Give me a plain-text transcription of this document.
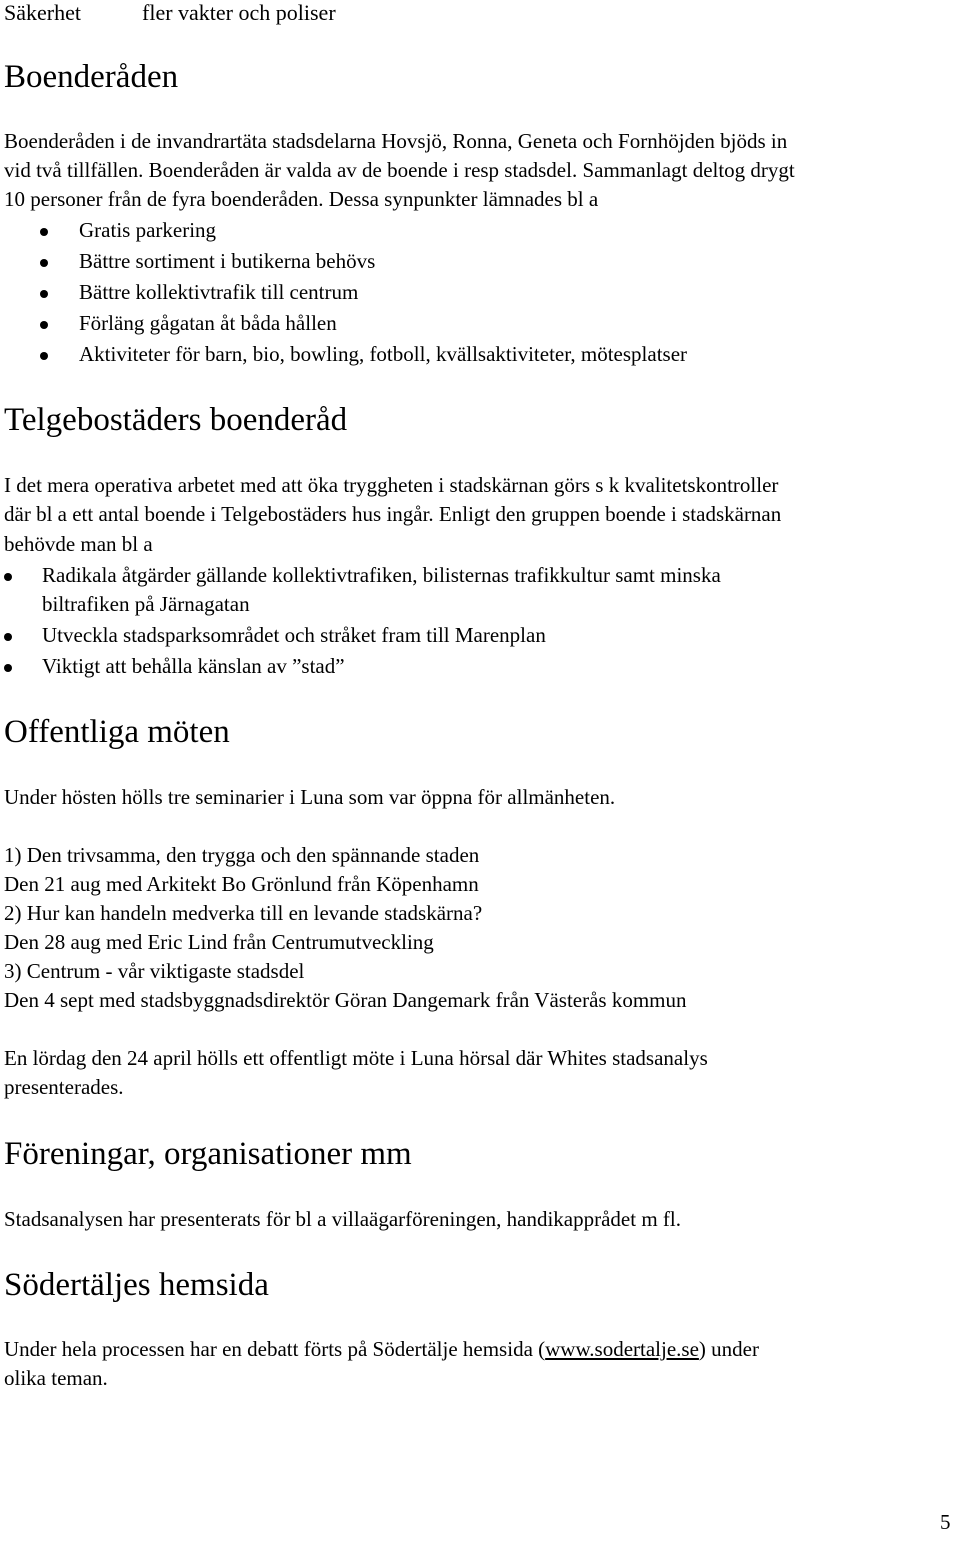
Säkerhet	fler vakter och poliser
Boenderåden
Boenderåden i de invandrartäta stadsdelarna Hovsjö, Ronna, Geneta och Fornhöjden bjöds in
vid två tillfällen. Boenderåden är valda av de boende i resp stadsdel. Sammanlagt deltog drygt
10 personer från de fyra boenderåden. Dessa synpunkter lämnades bl a
Gratis parkering
Bättre sortiment i butikerna behövs
Bättre kollektivtrafik till centrum
Förläng gågatan åt båda hållen
Aktiviteter för barn, bio, bowling, fotboll, kvällsaktiviteter, mötesplatser
Telgebostäders boenderåd
I det mera operativa arbetet med att öka tryggheten i stadskärnan görs s k kvalitetskontroller
där bl a ett antal boende i Telgebostäders hus ingår. Enligt den gruppen boende i stadskärnan
behövde man bl a
Radikala åtgärder gällande kollektivtrafiken, bilisternas trafikkultur samt minska
biltrafiken på Järnagatan
Utveckla stadsparksområdet och stråket fram till Marenplan
Viktigt att behålla känslan av ”stad”
Offentliga möten
Under hösten hölls tre seminarier i Luna som var öppna för allmänheten.
1) Den trivsamma, den trygga och den spännande staden
Den 21 aug med Arkitekt Bo Grönlund från Köpenhamn
2) Hur kan handeln medverka till en levande stadskärna?
Den 28 aug med Eric Lind från Centrumutveckling
3) Centrum - vår viktigaste stadsdel
Den 4 sept med stadsbyggnadsdirektör Göran Dangemark från Västerås kommun
En lördag den 24 april hölls ett offentligt möte i Luna hörsal där Whites stadsanalys
presenterades.
Föreningar, organisationer mm
Stadsanalysen har presenterats för bl a villaägarföreningen, handikapprådet m fl.
Södertäljes hemsida
Under hela processen har en debatt förts på Södertälje hemsida (www.sodertalje.se) under
olika teman.
5
